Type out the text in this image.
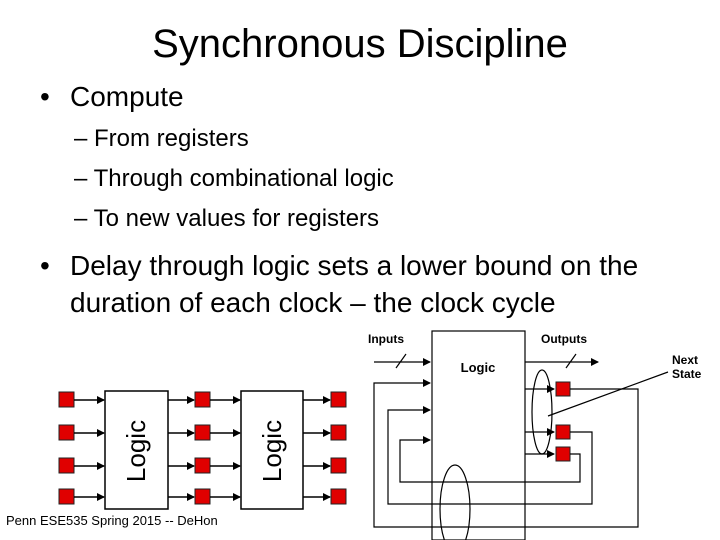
Synchronous Discipline
• Compute
– From registers
– Through combinational logic
– To new values for registers
• Delay through logic sets a lower bound on the duration of each clock – the clock cycle
Logic	Logic
Inputs	Outputs
Next
State
Logic
Penn ESE535 Spring 2015 -- DeHon
